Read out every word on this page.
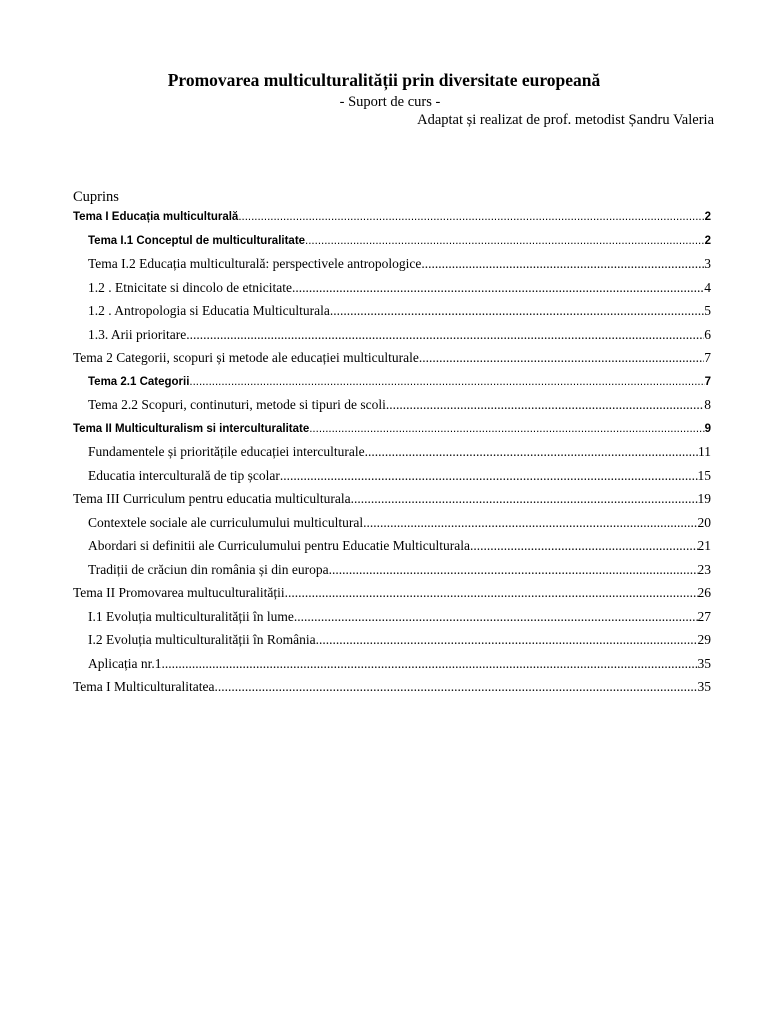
Promovarea multiculturalității prin diversitate europeană
- Suport de curs -
Adaptat și realizat de prof. metodist Șandru Valeria
Cuprins
Tema I Educația multiculturală .....	2
Tema I.1 Conceptul de multiculturalitate .....	2
Tema I.2 Educația multiculturală: perspectivele antropologice .....	3
1.2 . Etnicitate si dincolo de etnicitate .....	4
1.2 . Antropologia si Educatia Multiculturala .....	5
1.3. Arii prioritare .....	6
Tema 2 Categorii, scopuri și metode ale educației multiculturale .....	7
Tema 2.1 Categorii .....	7
Tema 2.2 Scopuri, continuturi, metode si tipuri de scoli .....	8
Tema II Multiculturalism si interculturalitate .....	9
Fundamentele și prioritățile educației interculturale .....	11
Educatia interculturală de tip școlar .....	15
Tema III Curriculum pentru educatia multiculturala .....	19
Contextele sociale ale curriculumului multicultural .....	20
Abordari si definitii ale Curriculumului pentru Educatie Multiculturala .....	21
Tradiții de crăciun din românia și din europa .....	23
Tema II Promovarea multuculturalității .....	26
I.1 Evoluția multiculturalității în lume .....	27
I.2 Evoluția multiculturalității în România .....	29
Aplicația nr.1 .....	35
Tema I Multiculturalitatea .....	35
